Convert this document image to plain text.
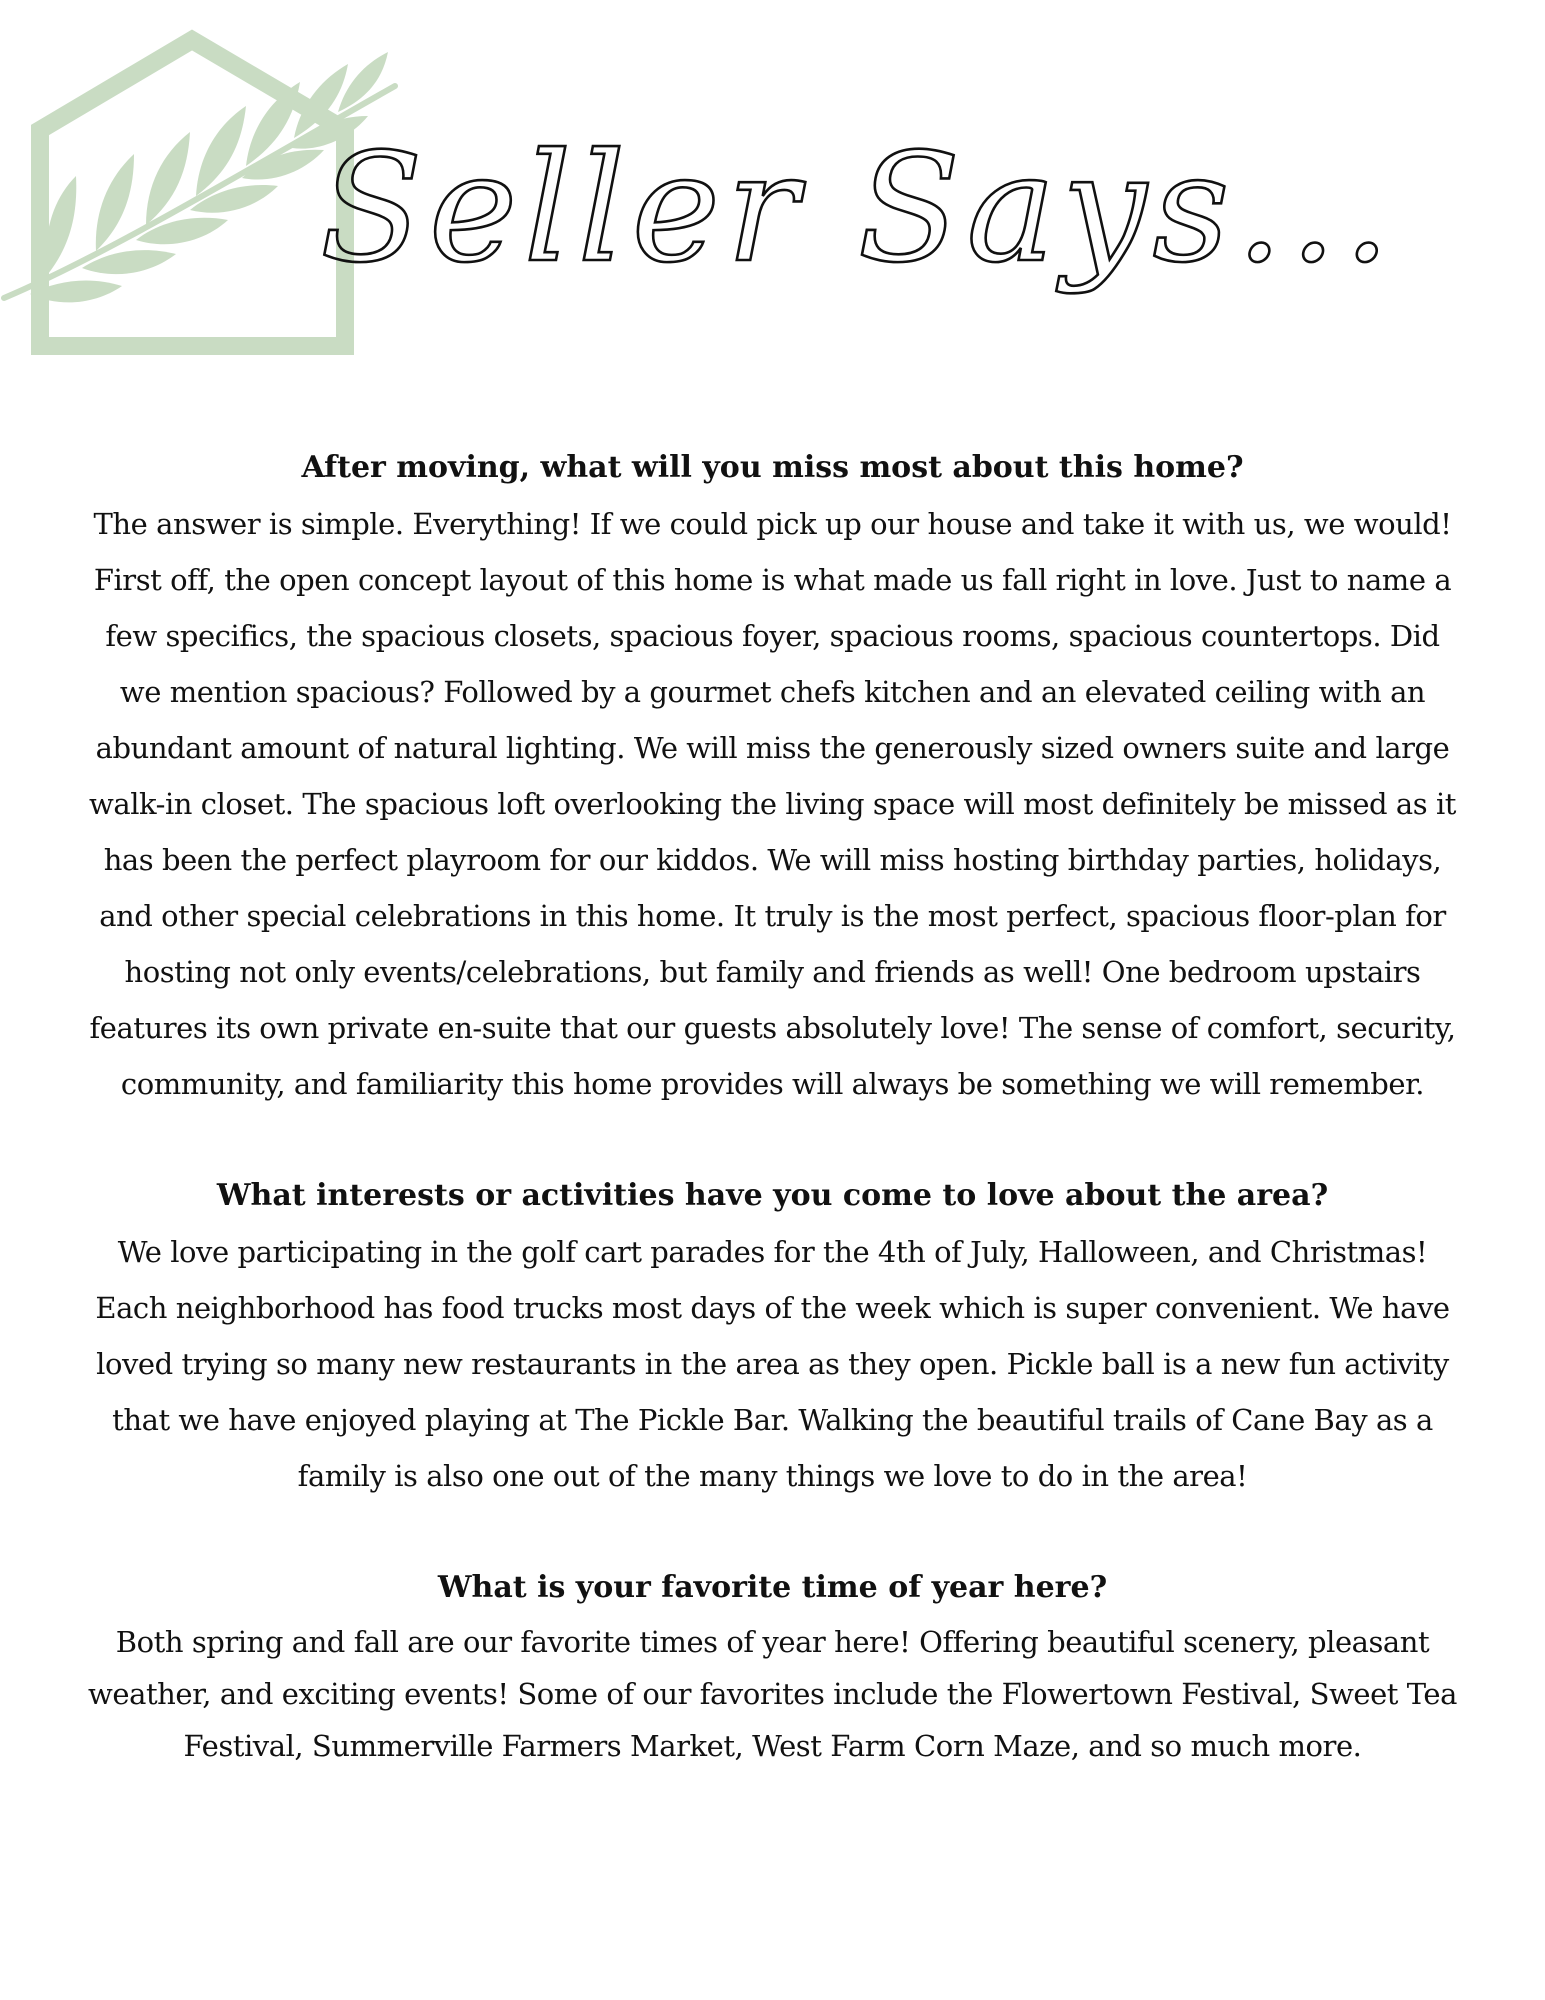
Seller Says...

After moving, what will you miss most about this home?

The answer is simple. Everything! If we could pick up our house and take it with us, we would! First off, the open concept layout of this home is what made us fall right in love. Just to name a few specifics, the spacious closets, spacious foyer, spacious rooms, spacious countertops. Did we mention spacious? Followed by a gourmet chefs kitchen and an elevated ceiling with an abundant amount of natural lighting. We will miss the generously sized owners suite and large walk-in closet. The spacious loft overlooking the living space will most definitely be missed as it has been the perfect playroom for our kiddos. We will miss hosting birthday parties, holidays, and other special celebrations in this home. It truly is the most perfect, spacious floor-plan for hosting not only events/celebrations, but family and friends as well! One bedroom upstairs features its own private en-suite that our guests absolutely love! The sense of comfort, security, community, and familiarity this home provides will always be something we will remember.

What interests or activities have you come to love about the area?

We love participating in the golf cart parades for the 4th of July, Halloween, and Christmas! Each neighborhood has food trucks most days of the week which is super convenient. We have loved trying so many new restaurants in the area as they open. Pickle ball is a new fun activity that we have enjoyed playing at The Pickle Bar. Walking the beautiful trails of Cane Bay as a family is also one out of the many things we love to do in the area!

What is your favorite time of year here?

Both spring and fall are our favorite times of year here! Offering beautiful scenery, pleasant weather, and exciting events! Some of our favorites include the Flowertown Festival, Sweet Tea Festival, Summerville Farmers Market, West Farm Corn Maze, and so much more.
